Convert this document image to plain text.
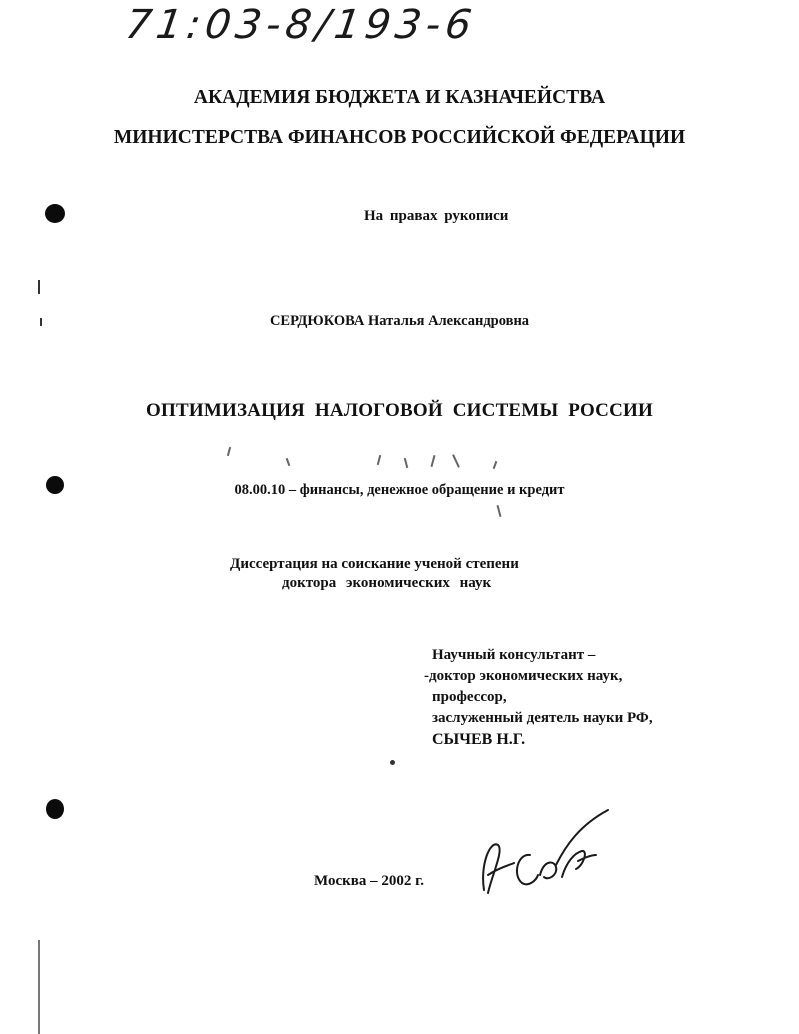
71:03-8/193-6
АКАДЕМИЯ БЮДЖЕТА И КАЗНАЧЕЙСТВА
МИНИСТЕРСТВА ФИНАНСОВ РОССИЙСКОЙ ФЕДЕРАЦИИ
На правах рукописи
СЕРДЮКОВА Наталья Александровна
ОПТИМИЗАЦИЯ НАЛОГОВОЙ СИСТЕМЫ РОССИИ
08.00.10 – финансы, денежное обращение и кредит
Диссертация на соискание ученой степени
доктора экономических наук
Научный консультант –
-доктор экономических наук,
профессор,
заслуженный деятель науки РФ,
СЫЧЕВ Н.Г.
Москва – 2002 г.
